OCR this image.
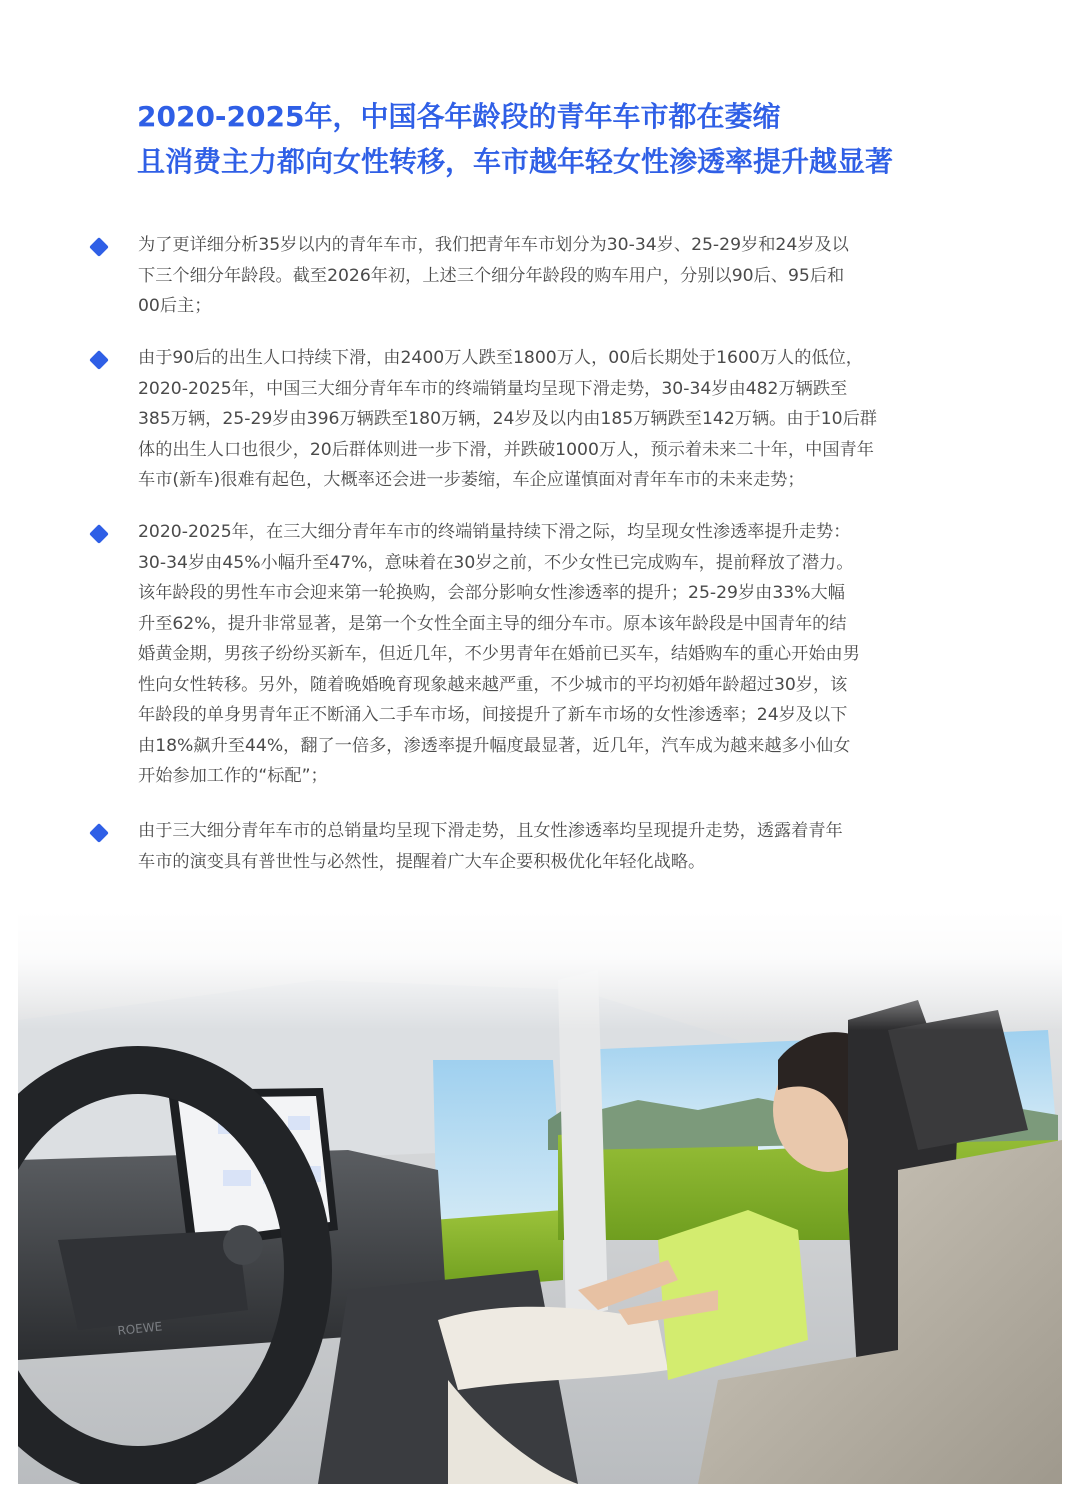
2020-2025年，中国各年龄段的青年车市都在萎缩
且消费主力都向女性转移，车市越年轻女性渗透率提升越显著
为了更详细分析35岁以内的青年车市，我们把青年车市划分为30-34岁、25-29岁和24岁及以
下三个细分年龄段。截至2026年初，上述三个细分年龄段的购车用户，分别以90后、95后和
00后主；
由于90后的出生人口持续下滑，由2400万人跌至1800万人，00后长期处于1600万人的低位，
2020-2025年，中国三大细分青年车市的终端销量均呈现下滑走势，30-34岁由482万辆跌至
385万辆，25-29岁由396万辆跌至180万辆，24岁及以内由185万辆跌至142万辆。由于10后群
体的出生人口也很少，20后群体则进一步下滑，并跌破1000万人，预示着未来二十年，中国青年
车市(新车)很难有起色，大概率还会进一步萎缩，车企应谨慎面对青年车市的未来走势；
2020-2025年，在三大细分青年车市的终端销量持续下滑之际，均呈现女性渗透率提升走势：
30-34岁由45%小幅升至47%，意味着在30岁之前，不少女性已完成购车，提前释放了潜力。
该年龄段的男性车市会迎来第一轮换购，会部分影响女性渗透率的提升；25-29岁由33%大幅
升至62%，提升非常显著，是第一个女性全面主导的细分车市。原本该年龄段是中国青年的结
婚黄金期，男孩子纷纷买新车，但近几年，不少男青年在婚前已买车，结婚购车的重心开始由男
性向女性转移。另外，随着晚婚晚育现象越来越严重，不少城市的平均初婚年龄超过30岁，该
年龄段的单身男青年正不断涌入二手车市场，间接提升了新车市场的女性渗透率；24岁及以下
由18%飙升至44%，翻了一倍多，渗透率提升幅度最显著，近几年，汽车成为越来越多小仙女
开始参加工作的“标配”；
由于三大细分青年车市的总销量均呈现下滑走势，且女性渗透率均呈现提升走势，透露着青年
车市的演变具有普世性与必然性，提醒着广大车企要积极优化年轻化战略。
ROEWE
